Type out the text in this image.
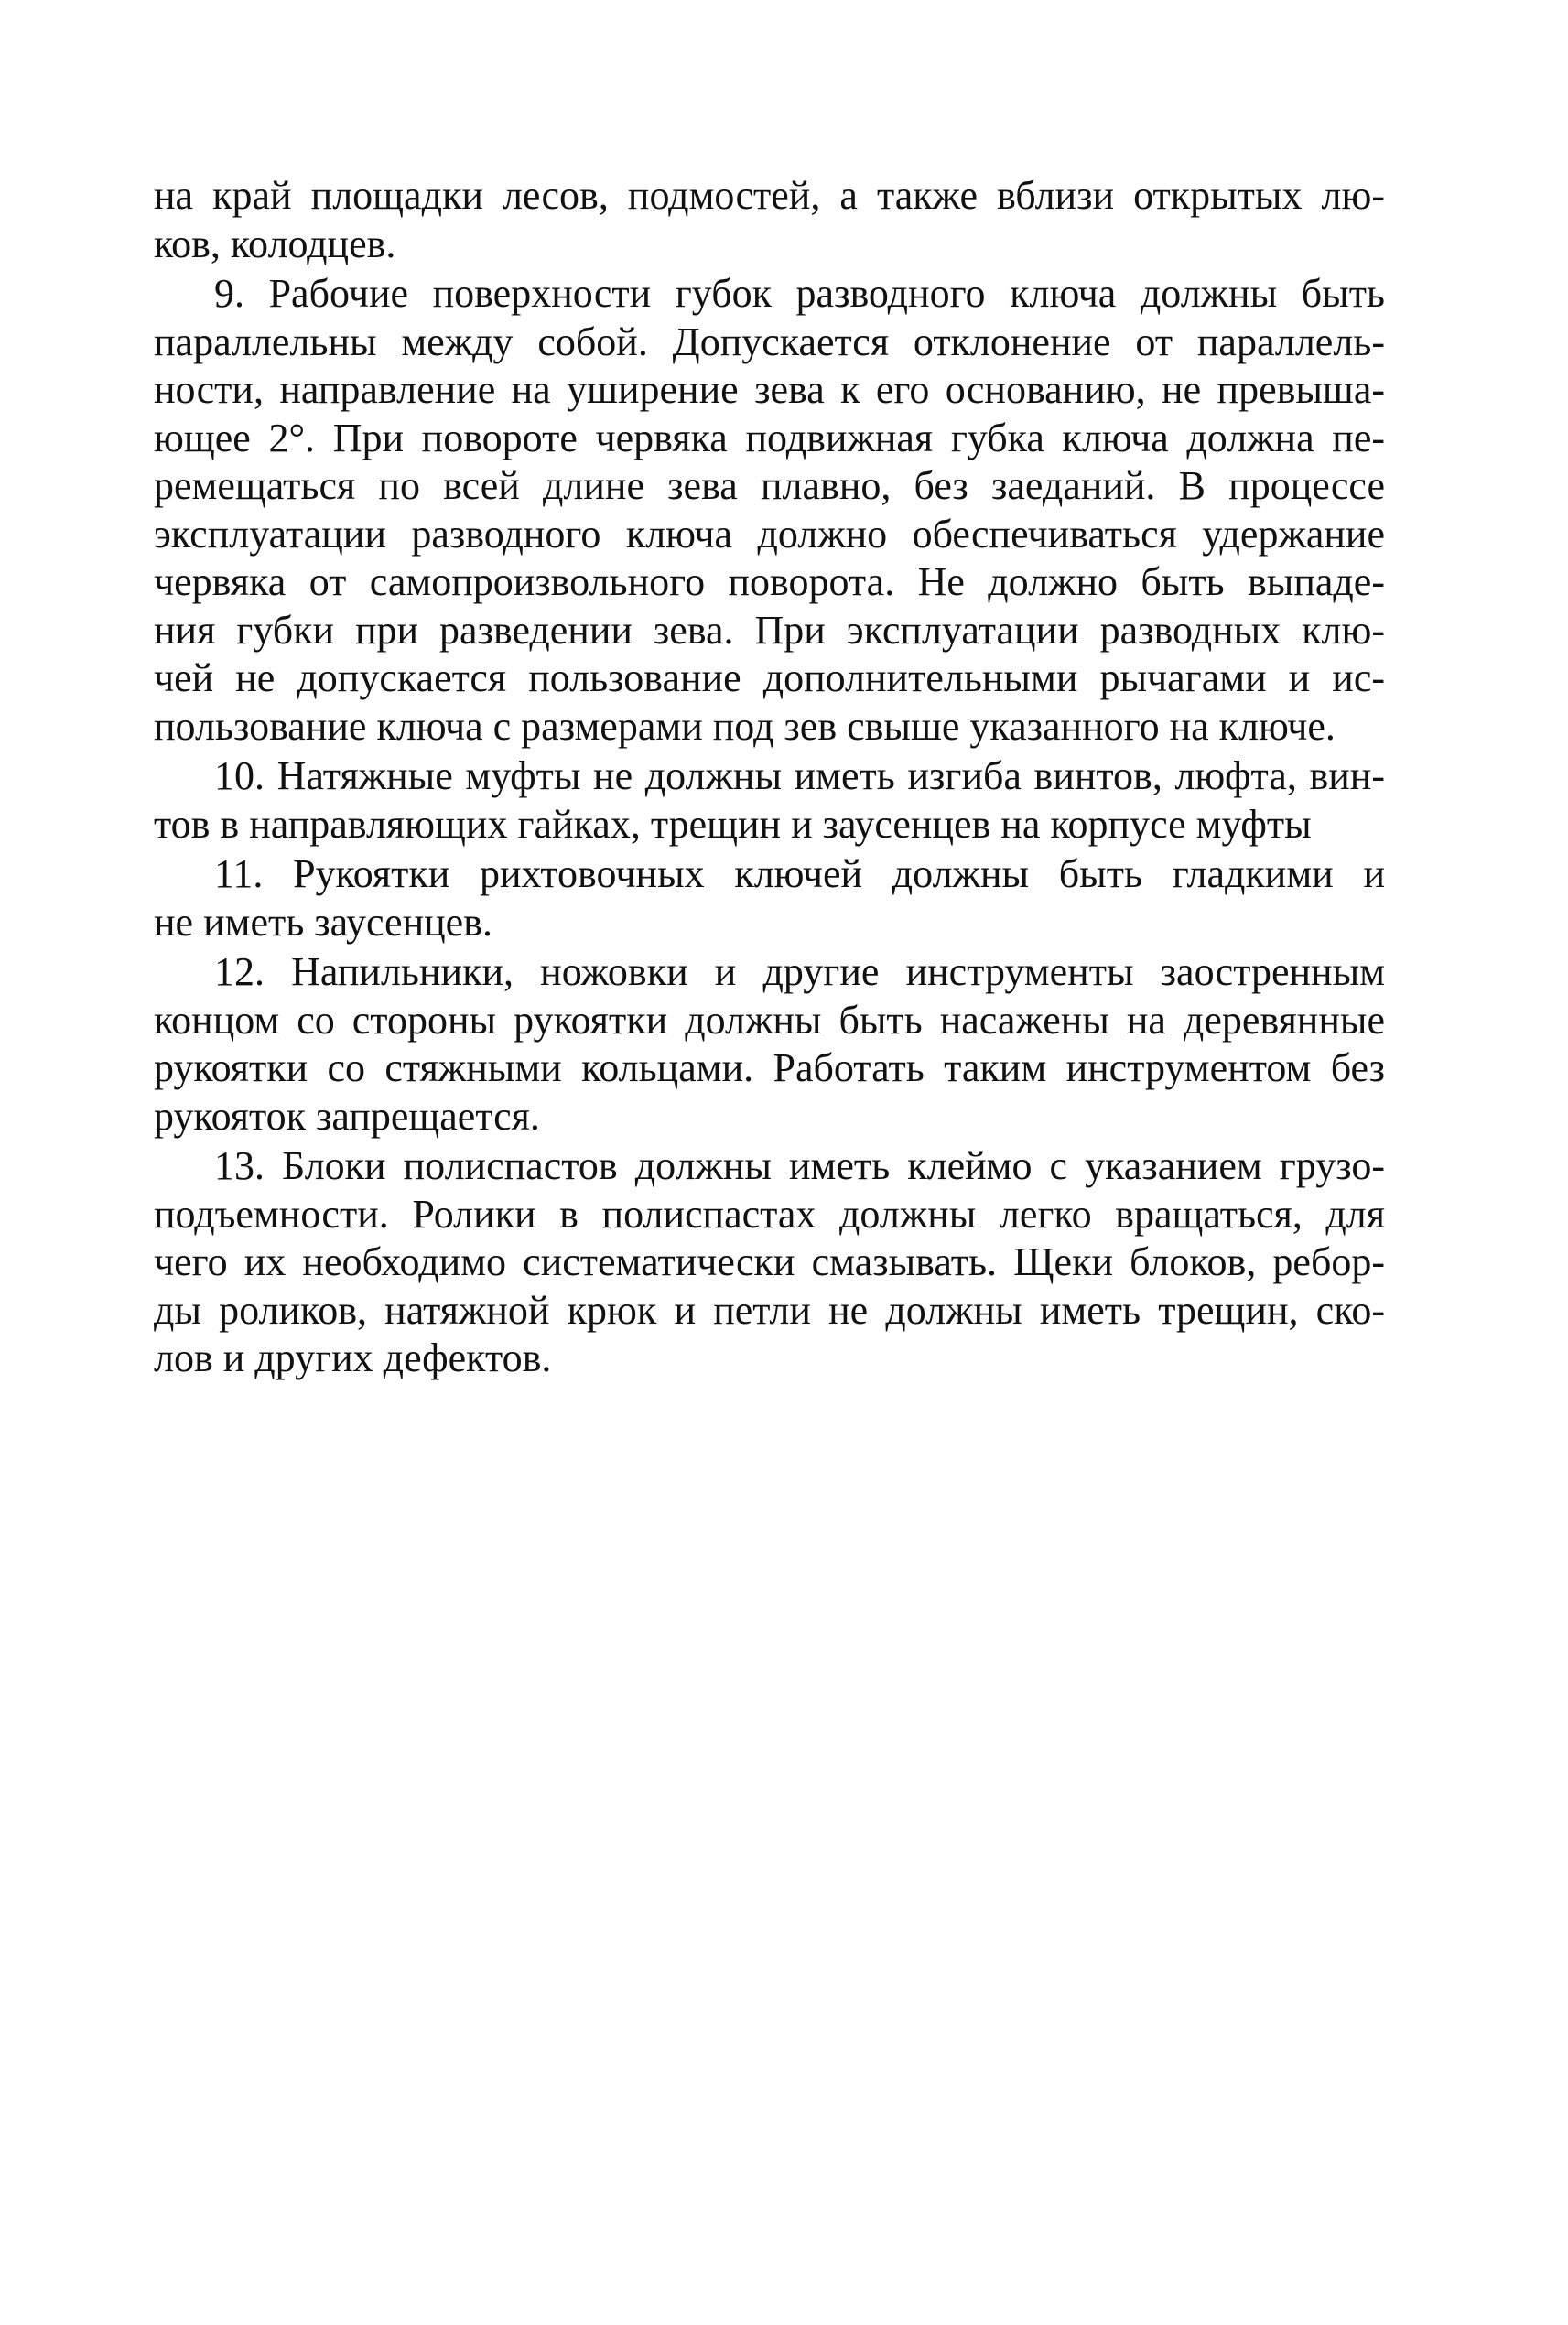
на край площадки лесов, подмостей, а также вблизи открытых лю-
ков, колодцев.
9. Рабочие поверхности губок разводного ключа должны быть
параллельны между собой. Допускается отклонение от параллель-
ности, направление на уширение зева к его основанию, не превыша-
ющее 2°. При повороте червяка подвижная губка ключа должна пе-
ремещаться по всей длине зева плавно, без заеданий. В процессе
эксплуатации разводного ключа должно обеспечиваться удержание
червяка от самопроизвольного поворота. Не должно быть выпаде-
ния губки при разведении зева. При эксплуатации разводных клю-
чей не допускается пользование дополнительными рычагами и ис-
пользование ключа с размерами под зев свыше указанного на ключе.
10. Натяжные муфты не должны иметь изгиба винтов, люфта, вин-
тов в направляющих гайках, трещин и заусенцев на корпусе муфты
11. Рукоятки рихтовочных ключей должны быть гладкими и
не иметь заусенцев.
12. Напильники, ножовки и другие инструменты заостренным
концом со стороны рукоятки должны быть насажены на деревянные
рукоятки со стяжными кольцами. Работать таким инструментом без
рукояток запрещается.
13. Блоки полиспастов должны иметь клеймо с указанием грузо-
подъемности. Ролики в полиспастах должны легко вращаться, для
чего их необходимо систематически смазывать. Щеки блоков, ребор-
ды роликов, натяжной крюк и петли не должны иметь трещин, ско-
лов и других дефектов.
